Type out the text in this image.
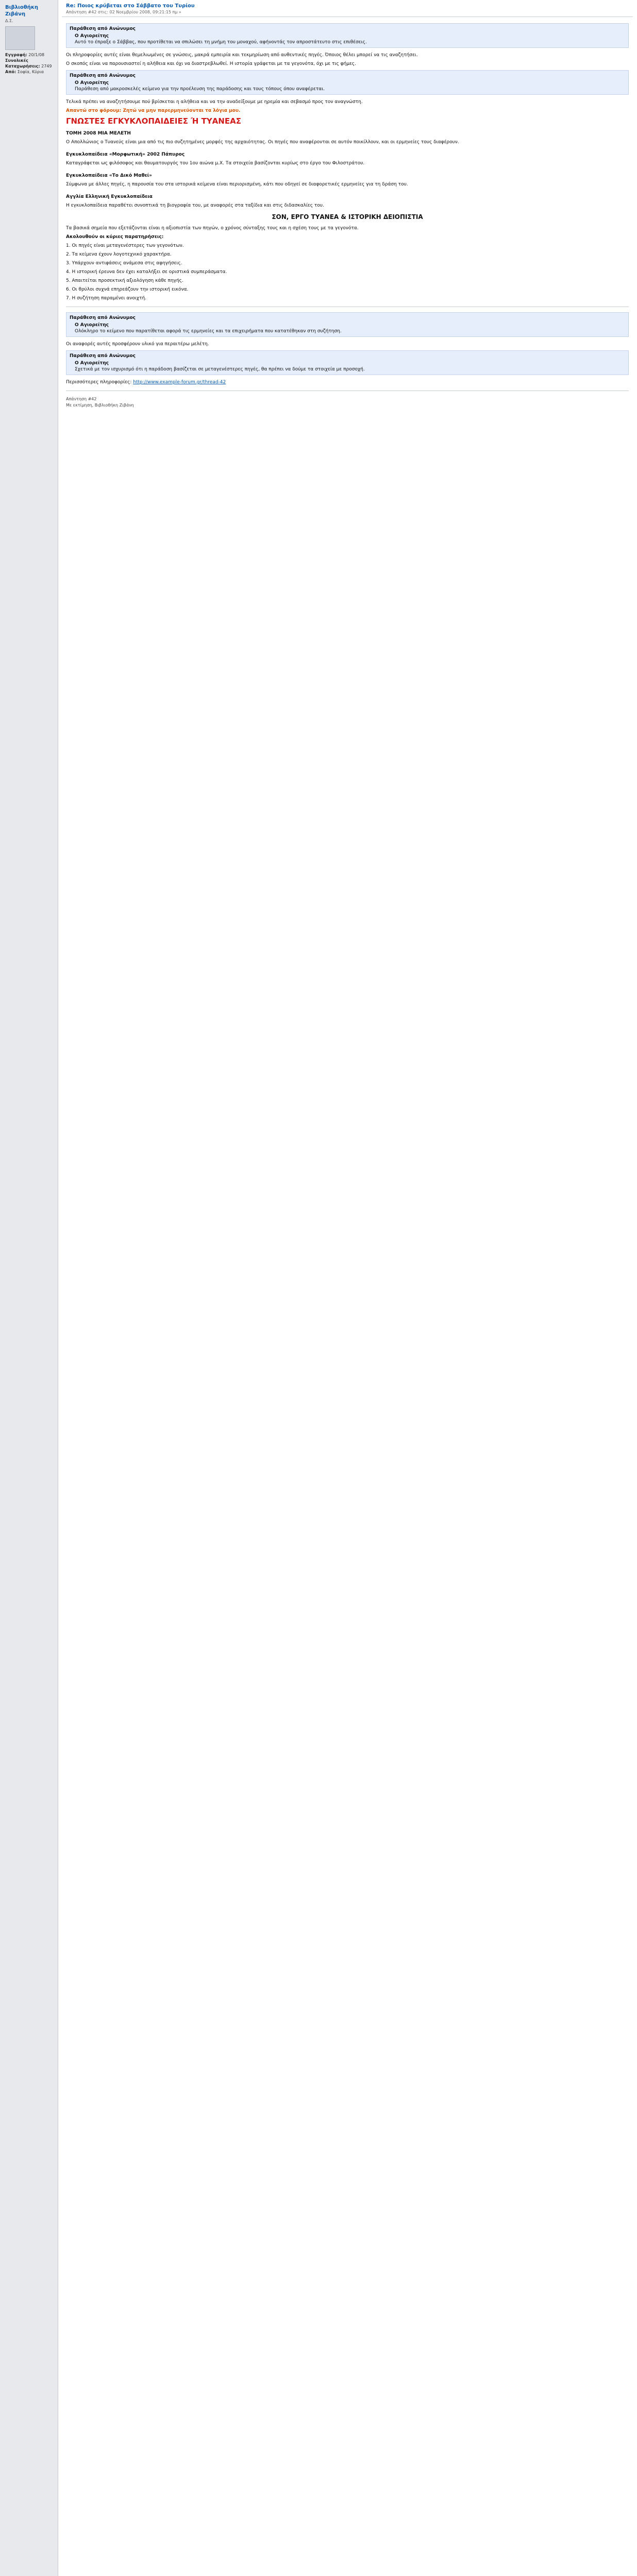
Βιβλιοθήκη Ζιβάνη
Δ.Σ.
Εγγραφή: 20/1/08
Συνολικές Καταχωρήσεις: 2749
Από: Σοφία, Κύρια
Re: Ποιος κρύβεται στο Σάββατο του Τυρίου
Απάντηση #42 στις: 02 Νοεμβρίου 2008, 09:21:15 πμ »
Παράθεση από Ανώνυμος
Ο Αγιορείτης
Αυτό το έπραξε ο Σάββας, που προτίθεται να σπιλώσει τη μνήμη του μοναχού, αφήνοντάς τον απροστάτευτο στις επιθέσεις.
Οι πληροφορίες αυτές είναι θεμελιωμένες σε γνώσεις, μακρά εμπειρία και τεκμηρίωση από αυθεντικές πηγές. Όποιος θέλει μπορεί να τις αναζητήσει.
Ο σκοπός είναι να παρουσιαστεί η αλήθεια και όχι να διαστρεβλωθεί. Η ιστορία γράφεται με τα γεγονότα, όχι με τις φήμες.
Παράθεση από Ανώνυμος
Ο Αγιορείτης
Παράθεση από μακροσκελές κείμενο για την προέλευση της παράδοσης και τους τόπους όπου αναφέρεται.
Τελικά πρέπει να αναζητήσουμε πού βρίσκεται η αλήθεια και να την αναδείξουμε με ηρεμία και σεβασμό προς τον αναγνώστη.
Απαντώ στο φόρουμ: Ζητώ να μην παρερμηνεύονται τα λόγια μου.
ΓΝΩΣΤΕΣ ΕΓΚΥΚΛΟΠΑΙΔΕΙΕΣ Ή ΤΥΑΝΕΑΣ
ΤΟΜΗ 2008 ΜΙΑ ΜΕΛΕΤΗ
Ο Απολλώνιος ο Τυανεύς είναι μια από τις πιο συζητημένες μορφές της αρχαιότητας. Οι πηγές που αναφέρονται σε αυτόν ποικίλλουν, και οι ερμηνείες τους διαφέρουν.
Εγκυκλοπαίδεια «Μορφωτική» 2002 Πάπυρος
Καταγράφεται ως φιλόσοφος και θαυματουργός του 1ου αιώνα μ.Χ. Τα στοιχεία βασίζονται κυρίως στο έργο του Φιλοστράτου.
Εγκυκλοπαίδεια «Το Δικό Μαθεί»
Σύμφωνα με άλλες πηγές, η παρουσία του στα ιστορικά κείμενα είναι περιορισμένη, κάτι που οδηγεί σε διαφορετικές ερμηνείες για τη δράση του.
Αγγλία Ελληνική Εγκυκλοπαίδεια
Η εγκυκλοπαίδεια παραθέτει συνοπτικά τη βιογραφία του, με αναφορές στα ταξίδια και στις διδασκαλίες του.
ΣΟΝ, ΕΡΓΟ ΤΥΑΝΕΑ & ΙΣΤΟΡΙΚΗ ΔΕΙΟΠΙΣΤΙΑ
Τα βασικά σημεία που εξετάζονται είναι η αξιοπιστία των πηγών, ο χρόνος σύνταξης τους και η σχέση τους με τα γεγονότα.
Ακολουθούν οι κύριες παρατηρήσεις:
1. Οι πηγές είναι μεταγενέστερες των γεγονότων.
2. Τα κείμενα έχουν λογοτεχνικό χαρακτήρα.
3. Υπάρχουν αντιφάσεις ανάμεσα στις αφηγήσεις.
4. Η ιστορική έρευνα δεν έχει καταλήξει σε οριστικά συμπεράσματα.
5. Απαιτείται προσεκτική αξιολόγηση κάθε πηγής.
6. Οι θρύλοι συχνά επηρεάζουν την ιστορική εικόνα.
7. Η συζήτηση παραμένει ανοιχτή.
Παράθεση από Ανώνυμος
Ο Αγιορείτης
Ολόκληρο το κείμενο που παρατίθεται αφορά τις ερμηνείες και τα επιχειρήματα που κατατέθηκαν στη συζήτηση.
Οι αναφορές αυτές προσφέρουν υλικό για περαιτέρω μελέτη.
Παράθεση από Ανώνυμος
Ο Αγιορείτης
Σχετικά με τον ισχυρισμό ότι η παράδοση βασίζεται σε μεταγενέστερες πηγές, θα πρέπει να δούμε τα στοιχεία με προσοχή.
Περισσότερες πληροφορίες: http://www.example-forum.gr/thread-42
Απάντηση #42
Με εκτίμηση, Βιβλιοθήκη Ζιβάνη
